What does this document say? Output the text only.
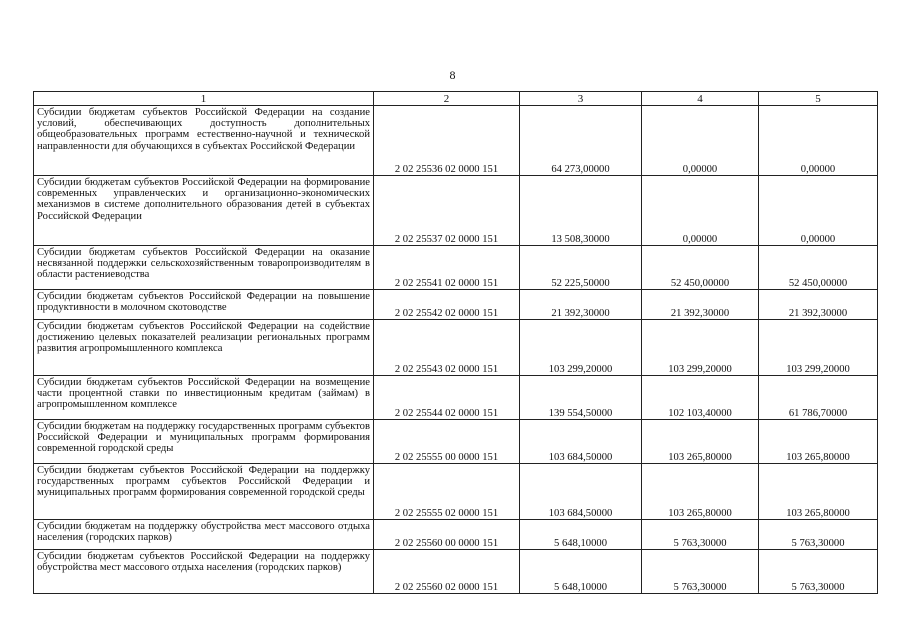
8
1	2	3	4	5
Субсидии бюджетам субъектов Российской Федерации на создание условий, обеспечивающих доступность дополнительных общеобразовательных программ естественно-научной и технической направленности для обучающихся в субъектах Российской Федерации	2 02 25536 02 0000 151	64 273,00000	0,00000	0,00000
Субсидии бюджетам субъектов Российской Федерации на формирование современных управленческих и организационно-экономических механизмов в системе дополнительного образования детей в субъектах Российской Федерации	2 02 25537 02 0000 151	13 508,30000	0,00000	0,00000
Субсидии бюджетам субъектов Российской Федерации на оказание несвязанной поддержки сельскохозяйственным товаропроизводителям в области растениеводства	2 02 25541 02 0000 151	52 225,50000	52 450,00000	52 450,00000
Субсидии бюджетам субъектов Российской Федерации на повышение продуктивности в молочном скотоводстве	2 02 25542 02 0000 151	21 392,30000	21 392,30000	21 392,30000
Субсидии бюджетам субъектов Российской Федерации на содействие достижению целевых показателей реализации региональных программ развития агропромышленного комплекса	2 02 25543 02 0000 151	103 299,20000	103 299,20000	103 299,20000
Субсидии бюджетам субъектов Российской Федерации на возмещение части процентной ставки по инвестиционным кредитам (займам) в агропромышленном комплексе	2 02 25544 02 0000 151	139 554,50000	102 103,40000	61 786,70000
Субсидии бюджетам на поддержку государственных программ субъектов Российской Федерации и муниципальных программ формирования современной городской среды	2 02 25555 00 0000 151	103 684,50000	103 265,80000	103 265,80000
Субсидии бюджетам субъектов Российской Федерации на поддержку государственных программ субъектов Российской Федерации и муниципальных программ формирования современной городской среды	2 02 25555 02 0000 151	103 684,50000	103 265,80000	103 265,80000
Субсидии бюджетам на поддержку обустройства мест массового отдыха населения (городских парков)	2 02 25560 00 0000 151	5 648,10000	5 763,30000	5 763,30000
Субсидии бюджетам субъектов Российской Федерации на поддержку обустройства мест массового отдыха населения (городских парков)	2 02 25560 02 0000 151	5 648,10000	5 763,30000	5 763,30000
